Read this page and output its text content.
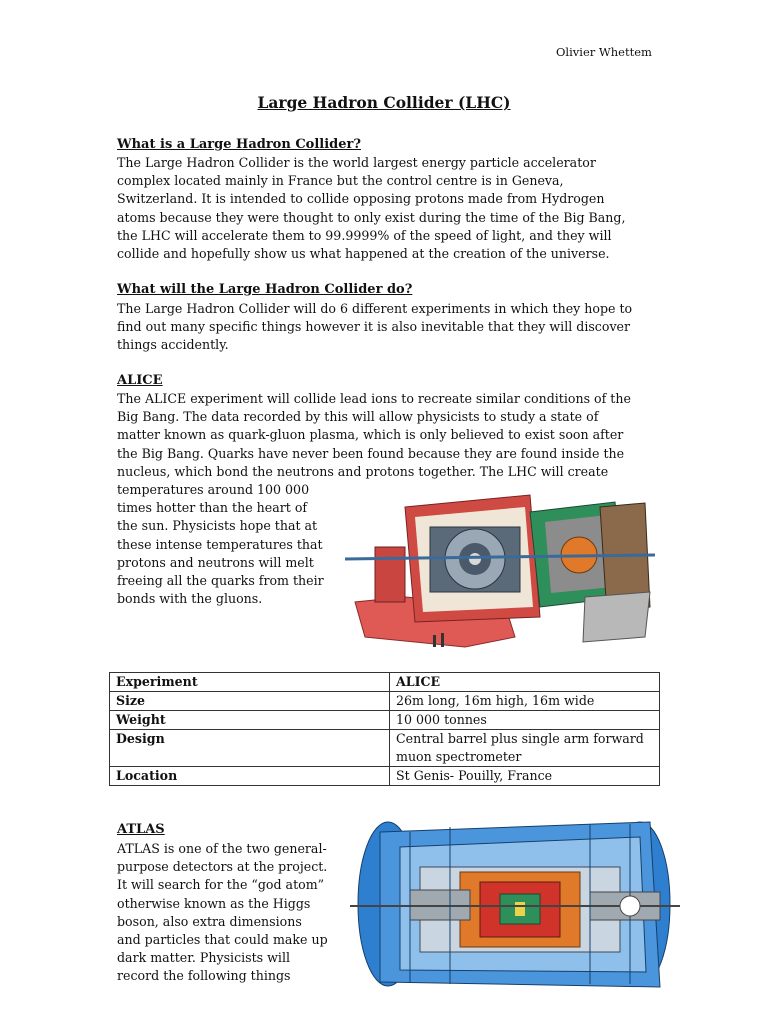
Olivier Whettem
Large Hadron Collider (LHC)
What is a Large Hadron Collider?
The Large Hadron Collider is the world largest energy particle accelerator
complex located mainly in France but the control centre is in Geneva,
Switzerland. It is intended to collide opposing protons made from Hydrogen
atoms because they were thought to only exist during the time of the Big Bang,
the LHC will accelerate them to 99.9999% of the speed of light, and they will
collide and hopefully show us what happened at the creation of the universe.
What will the Large Hadron Collider do?
The Large Hadron Collider will do 6 different experiments in which they hope to
find out many specific things however it is also inevitable that they will discover
things accidently.
ALICE
The ALICE experiment will collide lead ions to recreate similar conditions of the
Big Bang. The data recorded by this will allow physicists to study a state of
matter known as quark-gluon plasma, which is only believed to exist soon after
the Big Bang. Quarks have never been found because they are found inside the
nucleus, which bond the neutrons and protons together. The LHC will create
temperatures around 100 000
times hotter than the heart of
the sun. Physicists hope that at
these intense temperatures that
protons and neutrons will melt
freeing all the quarks from their
bonds with the gluons.
Experiment	ALICE
Size	26m long, 16m high, 16m wide
Weight	10 000 tonnes
Design	Central barrel plus single arm forward muon spectrometer
Location	St Genis- Pouilly, France
ATLAS
ATLAS is one of the two general-
purpose detectors at the project.
It will search for the “god atom”
otherwise known as the Higgs
boson, also extra dimensions
and particles that could make up
dark matter. Physicists will
record the following things
